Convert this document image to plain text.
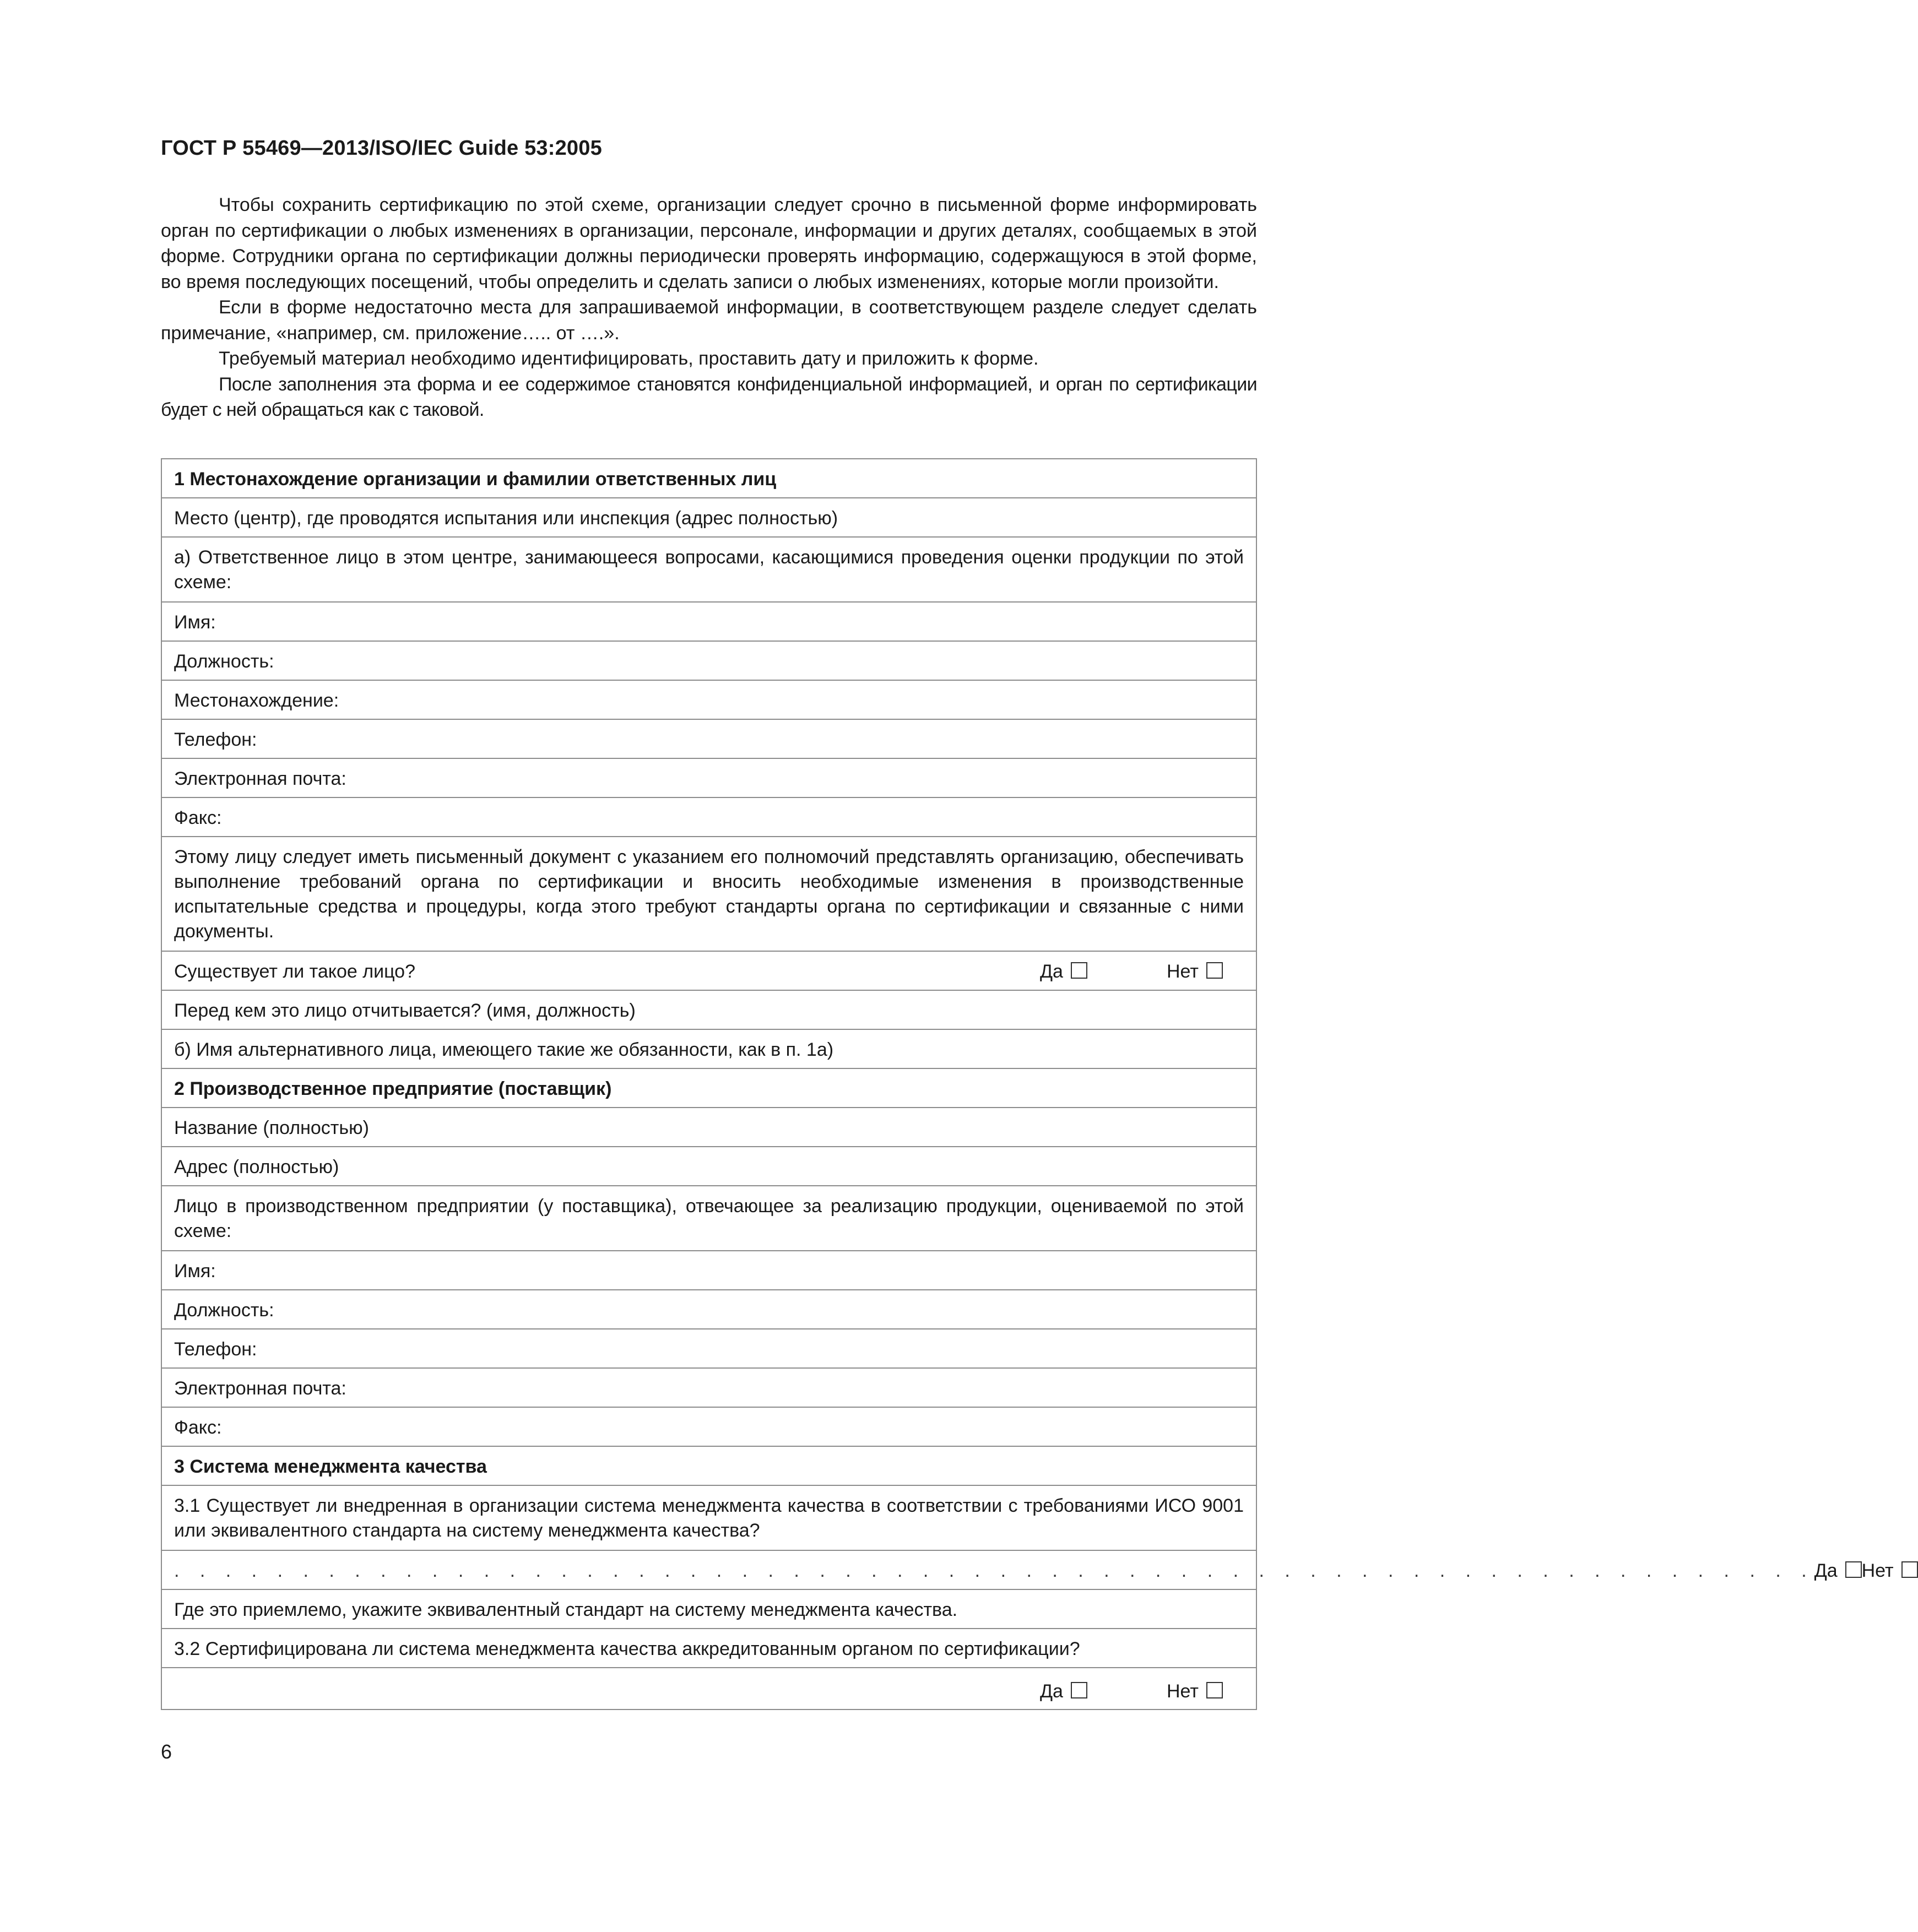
ГОСТ Р 55469—2013/ISO/IEC Guide 53:2005

Чтобы сохранить сертификацию по этой схеме, организации следует срочно в письменной форме информировать орган по сертификации о любых изменениях в организации, персонале, информации и других деталях, сообщаемых в этой форме. Сотрудники органа по сертификации должны периодически проверять информацию, содержащуюся в этой форме, во время последующих посещений, чтобы определить и сделать записи о любых изменениях, которые могли произойти.

Если в форме недостаточно места для запрашиваемой информации, в соответствующем разделе следует сделать примечание, «например, см. приложение….. от ….».

Требуемый материал необходимо идентифицировать, проставить дату и приложить к форме.

После заполнения эта форма и ее содержимое становятся конфиденциальной информацией, и орган по сертификации будет с ней обращаться как с таковой.

1 Местонахождение организации и фамилии ответственных лиц
Место (центр), где проводятся испытания или инспекция (адрес полностью)
а) Ответственное лицо в этом центре, занимающееся вопросами, касающимися проведения оценки продукции по этой схеме:
Имя:
Должность:
Местонахождение:
Телефон:
Электронная почта:
Факс:
Этому лицу следует иметь письменный документ с указанием его полномочий представлять организацию, обеспечивать выполнение требований органа по сертификации и вносить необходимые изменения в производственные испытательные средства и процедуры, когда этого требуют стандарты органа по сертификации и связанные с ними документы.

Существует ли такое лицо?	Да	Нет

Перед кем это лицо отчитывается? (имя, должность)
б) Имя альтернативного лица, имеющего такие же обязанности, как в п. 1а)
2 Производственное предприятие (поставщик)
Название (полностью)
Адрес (полностью)
Лицо в производственном предприятии (у поставщика), отвечающее за реализацию продукции, оцениваемой по этой схеме:
Имя:
Должность:
Телефон:
Электронная почта:
Факс:
3 Система менеджмента качества
3.1 Существует ли внедренная в организации система менеджмента качества в соответствии с требованиями ИСО 9001 или эквивалентного стандарта на систему менеджмента качества?

. . . . . . . . . . . . . . . . . . . . . . . . . . . . . . . . . . . . . . . . . . . . . . . . . . . . . . . . . . . . . . . . Да Нет

Где это приемлемо, укажите эквивалентный стандарт на систему менеджмента качества.
3.2 Сертифицирована ли система менеджмента качества аккредитованным органом по сертификации?

Да	Нет
6
